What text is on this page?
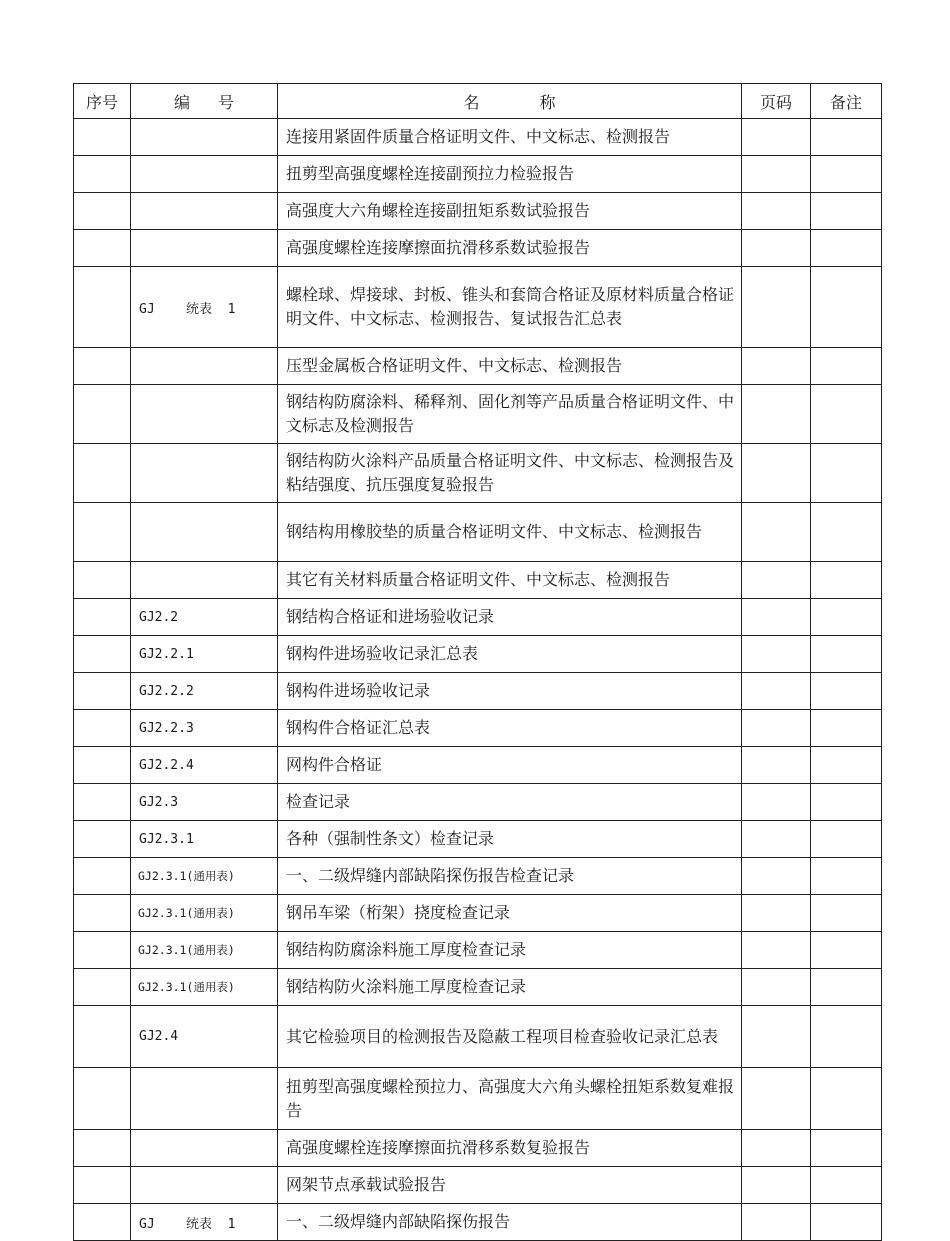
序号	编 号	名 称	页码	备注
		连接用紧固件质量合格证明文件、中文标志、检测报告		
		扭剪型高强度螺栓连接副预拉力检验报告		
		高强度大六角螺栓连接副扭矩系数试验报告		
		高强度螺栓连接摩擦面抗滑移系数试验报告		
	GJ    统表  1	螺栓球、焊接球、封板、锥头和套筒合格证及原材料质量合格证明文件、中文标志、检测报告、复试报告汇总表		
		压型金属板合格证明文件、中文标志、检测报告		
		钢结构防腐涂料、稀释剂、固化剂等产品质量合格证明文件、中文标志及检测报告		
		钢结构防火涂料产品质量合格证明文件、中文标志、检测报告及粘结强度、抗压强度复验报告		
		钢结构用橡胶垫的质量合格证明文件、中文标志、检测报告		
		其它有关材料质量合格证明文件、中文标志、检测报告		
	GJ2.2	钢结构合格证和进场验收记录		
	GJ2.2.1	钢构件进场验收记录汇总表		
	GJ2.2.2	钢构件进场验收记录		
	GJ2.2.3	钢构件合格证汇总表		
	GJ2.2.4	网构件合格证		
	GJ2.3	检查记录		
	GJ2.3.1	各种（强制性条文）检查记录		
	GJ2.3.1(通用表)	一、二级焊缝内部缺陷探伤报告检查记录		
	GJ2.3.1(通用表)	钢吊车梁（桁架）挠度检查记录		
	GJ2.3.1(通用表)	钢结构防腐涂料施工厚度检查记录		
	GJ2.3.1(通用表)	钢结构防火涂料施工厚度检查记录		
	GJ2.4	其它检验项目的检测报告及隐蔽工程项目检查验收记录汇总表		
		扭剪型高强度螺栓预拉力、高强度大六角头螺栓扭矩系数复难报告		
		高强度螺栓连接摩擦面抗滑移系数复验报告		
		网架节点承载试验报告		
	GJ    统表  1	一、二级焊缝内部缺陷探伤报告		
